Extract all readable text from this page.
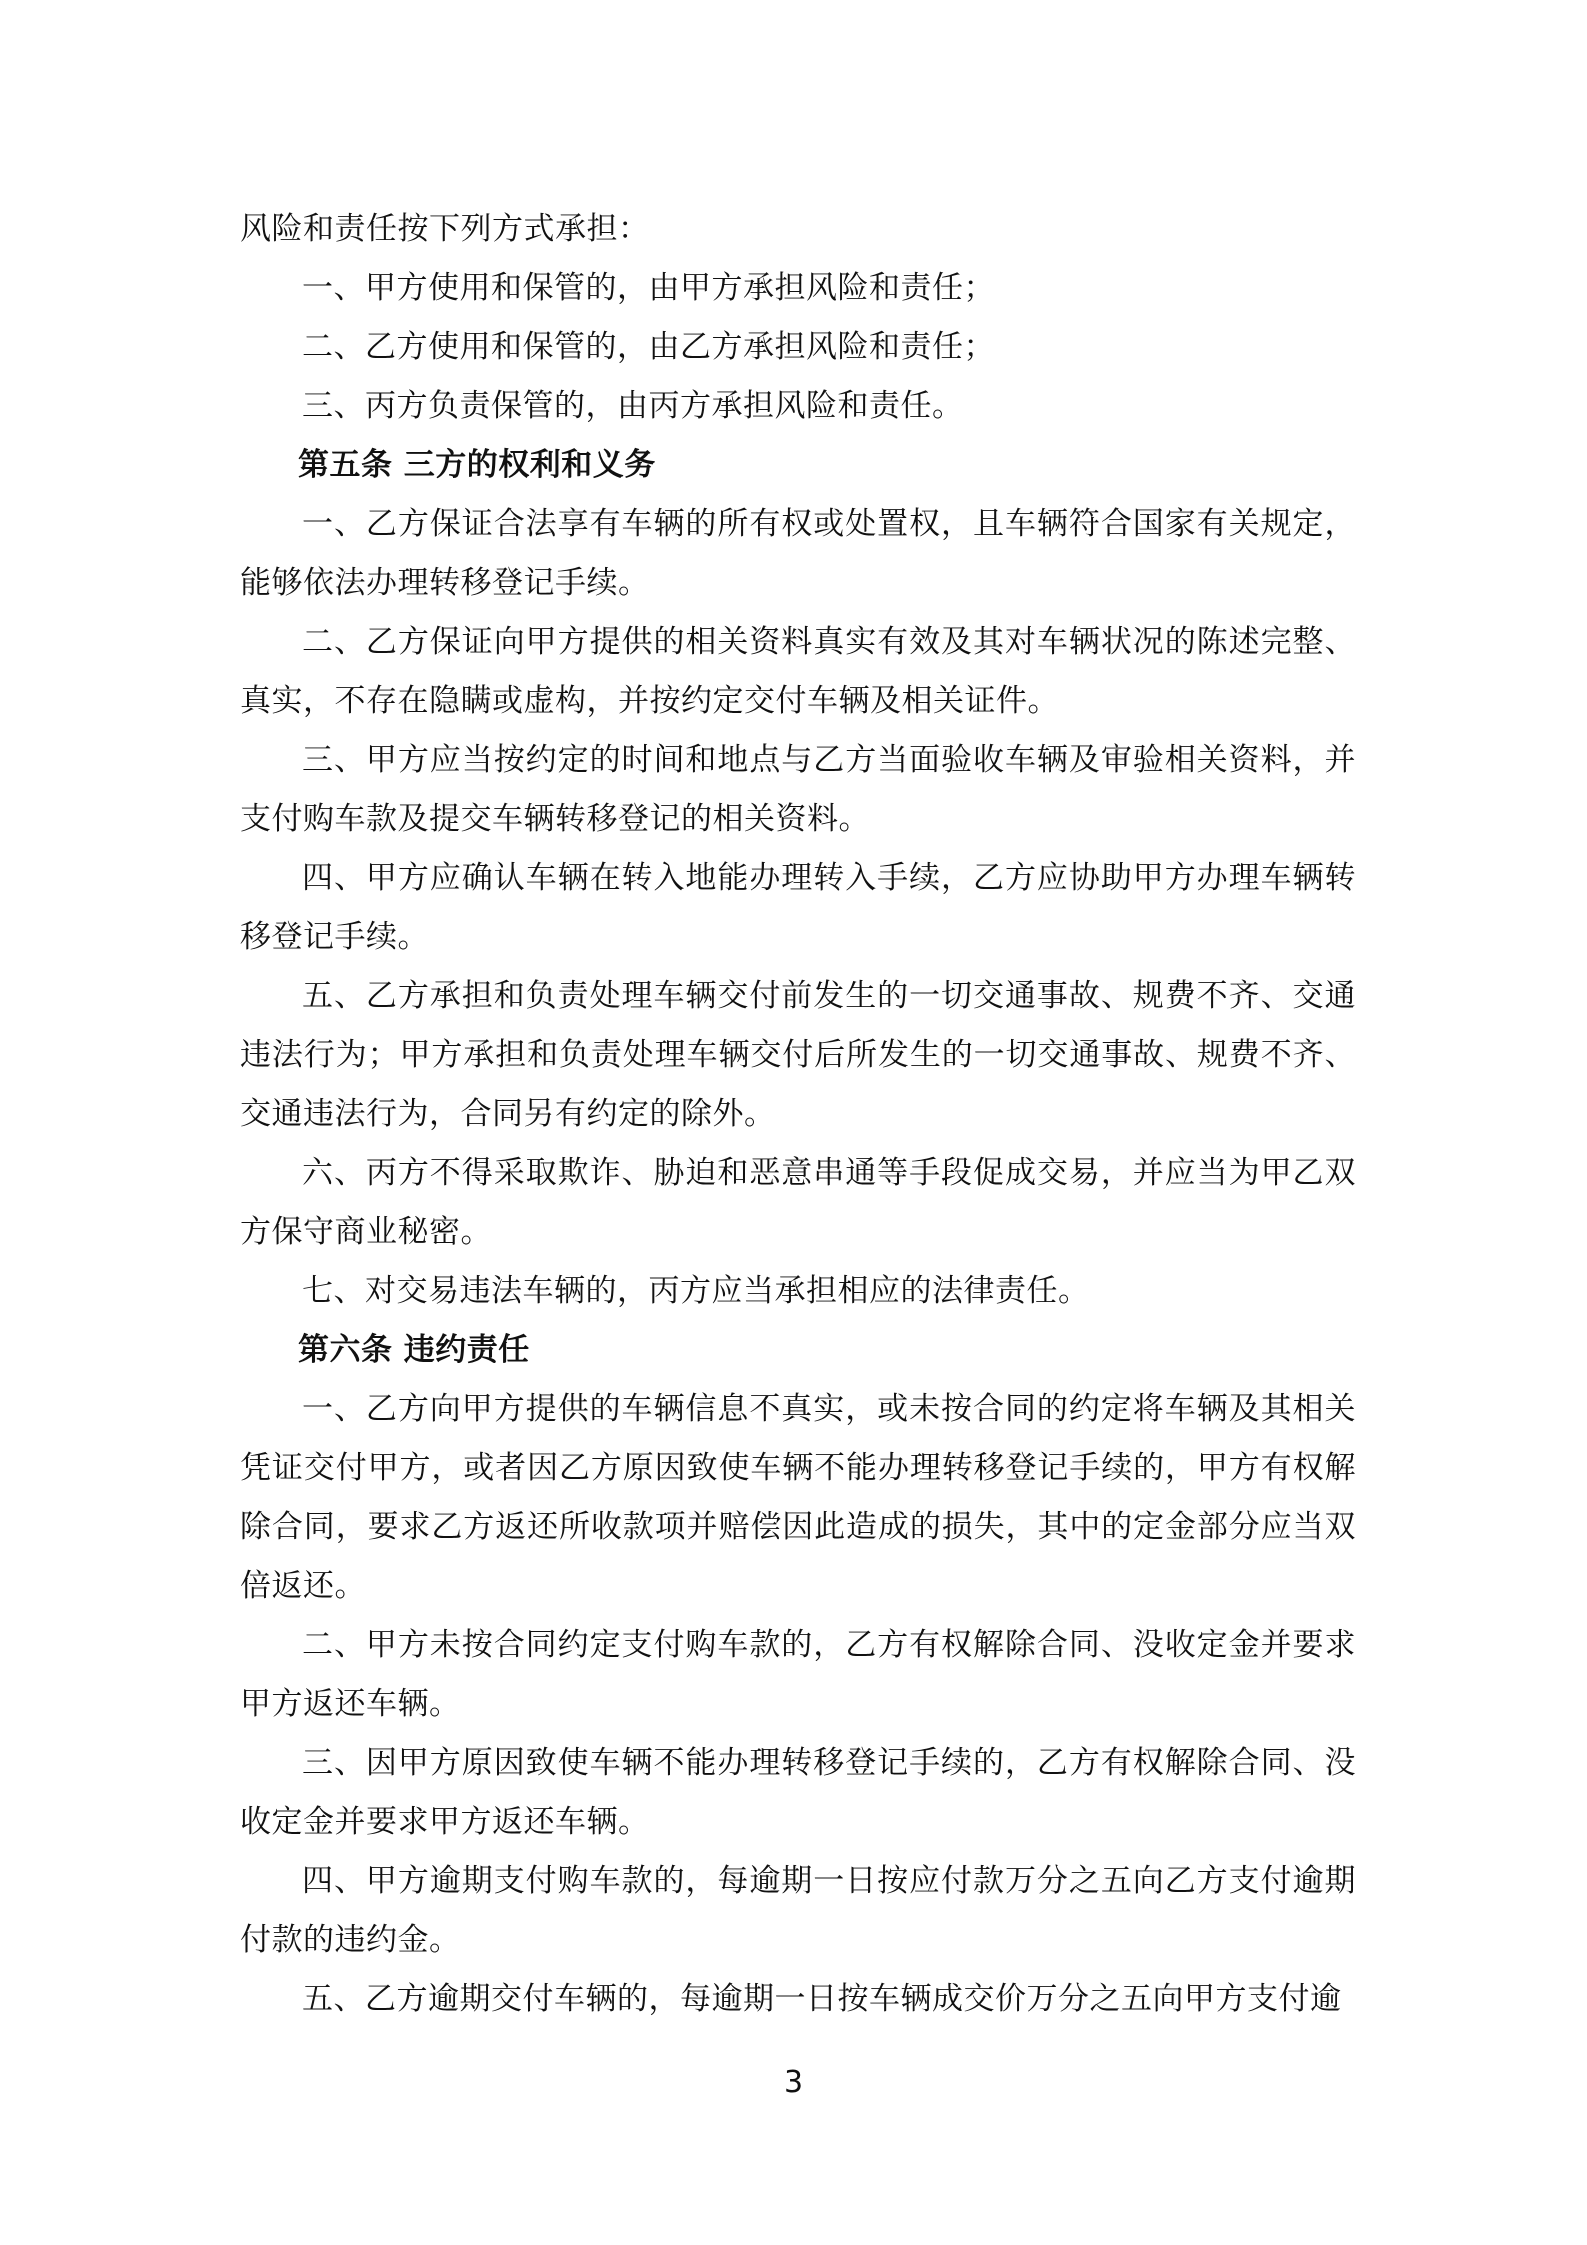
风险和责任按下列方式承担：

一、甲方使用和保管的，由甲方承担风险和责任；

二、乙方使用和保管的，由乙方承担风险和责任；

三、丙方负责保管的，由丙方承担风险和责任。

第五条 三方的权利和义务

一、乙方保证合法享有车辆的所有权或处置权，且车辆符合国家有关规定，能够依法办理转移登记手续。

二、乙方保证向甲方提供的相关资料真实有效及其对车辆状况的陈述完整、真实，不存在隐瞒或虚构，并按约定交付车辆及相关证件。

三、甲方应当按约定的时间和地点与乙方当面验收车辆及审验相关资料，并支付购车款及提交车辆转移登记的相关资料。

四、甲方应确认车辆在转入地能办理转入手续，乙方应协助甲方办理车辆转移登记手续。

五、乙方承担和负责处理车辆交付前发生的一切交通事故、规费不齐、交通违法行为；甲方承担和负责处理车辆交付后所发生的一切交通事故、规费不齐、交通违法行为，合同另有约定的除外。

六、丙方不得采取欺诈、胁迫和恶意串通等手段促成交易，并应当为甲乙双方保守商业秘密。

七、对交易违法车辆的，丙方应当承担相应的法律责任。

第六条 违约责任

一、乙方向甲方提供的车辆信息不真实，或未按合同的约定将车辆及其相关凭证交付甲方，或者因乙方原因致使车辆不能办理转移登记手续的，甲方有权解除合同，要求乙方返还所收款项并赔偿因此造成的损失，其中的定金部分应当双倍返还。

二、甲方未按合同约定支付购车款的，乙方有权解除合同、没收定金并要求甲方返还车辆。

三、因甲方原因致使车辆不能办理转移登记手续的，乙方有权解除合同、没收定金并要求甲方返还车辆。

四、甲方逾期支付购车款的，每逾期一日按应付款万分之五向乙方支付逾期付款的违约金。

五、乙方逾期交付车辆的，每逾期一日按车辆成交价万分之五向甲方支付逾

3
